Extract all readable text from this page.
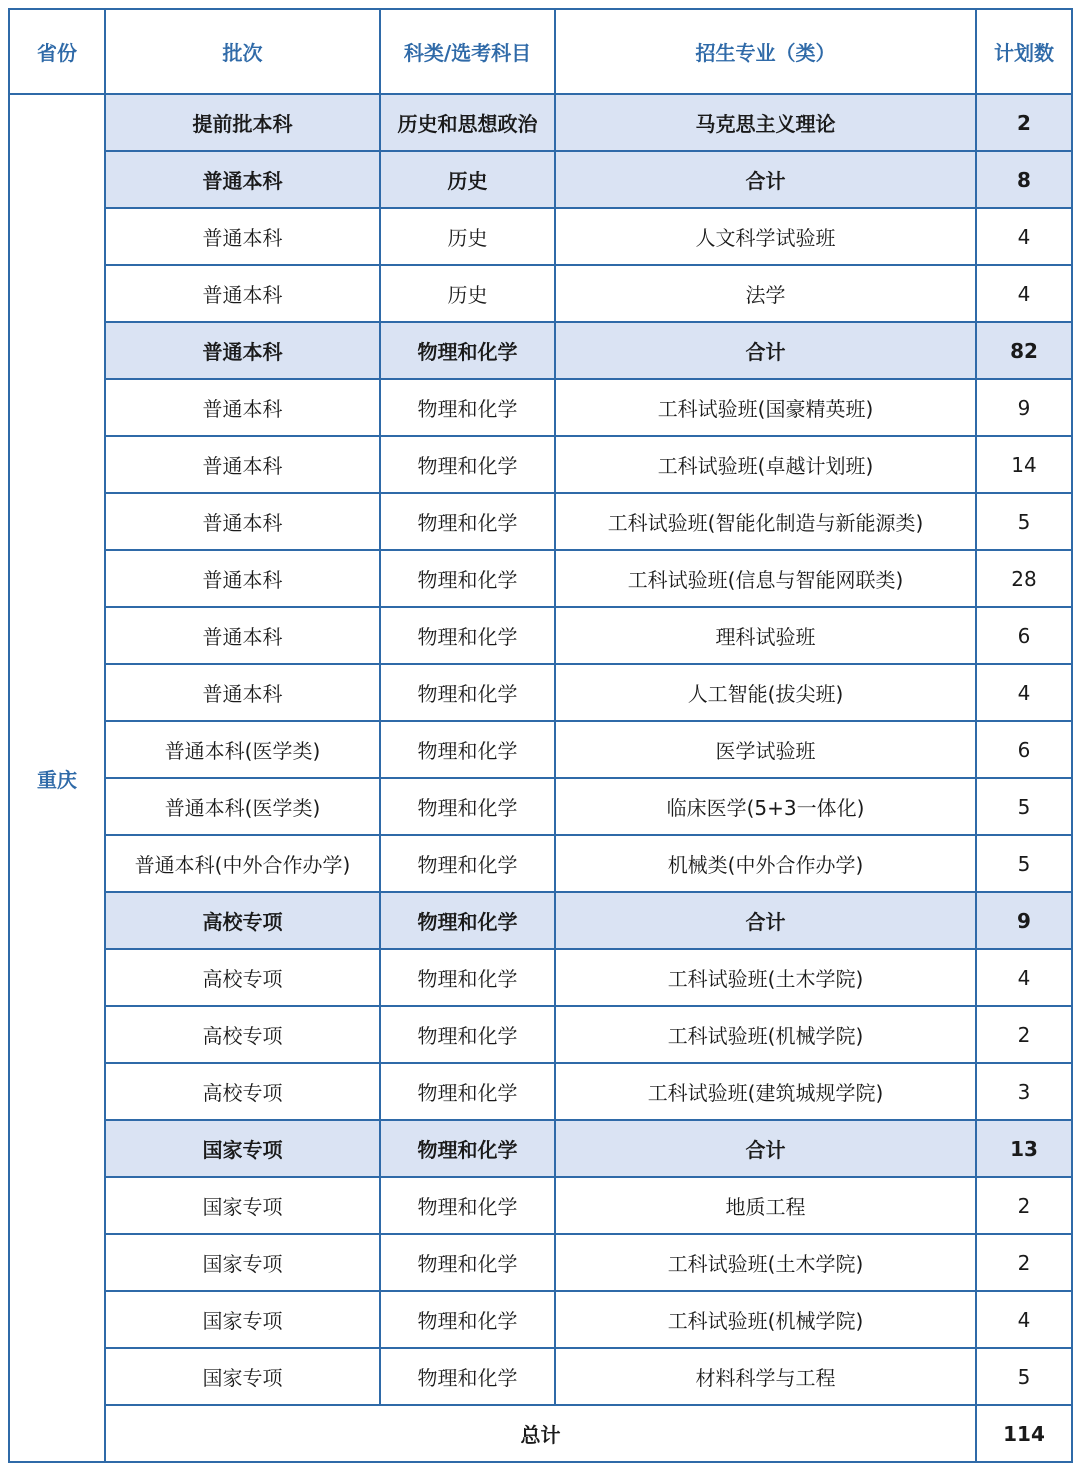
省份	批次	科类/选考科目	招生专业（类）	计划数
重庆	提前批本科	历史和思想政治	马克思主义理论	2
	普通本科	历史	合计	8
	普通本科	历史	人文科学试验班	4
	普通本科	历史	法学	4
	普通本科	物理和化学	合计	82
	普通本科	物理和化学	工科试验班(国豪精英班)	9
	普通本科	物理和化学	工科试验班(卓越计划班)	14
	普通本科	物理和化学	工科试验班(智能化制造与新能源类)	5
	普通本科	物理和化学	工科试验班(信息与智能网联类)	28
	普通本科	物理和化学	理科试验班	6
	普通本科	物理和化学	人工智能(拔尖班)	4
	普通本科(医学类)	物理和化学	医学试验班	6
	普通本科(医学类)	物理和化学	临床医学(5+3一体化)	5
	普通本科(中外合作办学)	物理和化学	机械类(中外合作办学)	5
	高校专项	物理和化学	合计	9
	高校专项	物理和化学	工科试验班(土木学院)	4
	高校专项	物理和化学	工科试验班(机械学院)	2
	高校专项	物理和化学	工科试验班(建筑城规学院)	3
	国家专项	物理和化学	合计	13
	国家专项	物理和化学	地质工程	2
	国家专项	物理和化学	工科试验班(土木学院)	2
	国家专项	物理和化学	工科试验班(机械学院)	4
	国家专项	物理和化学	材料科学与工程	5
	总计			114
